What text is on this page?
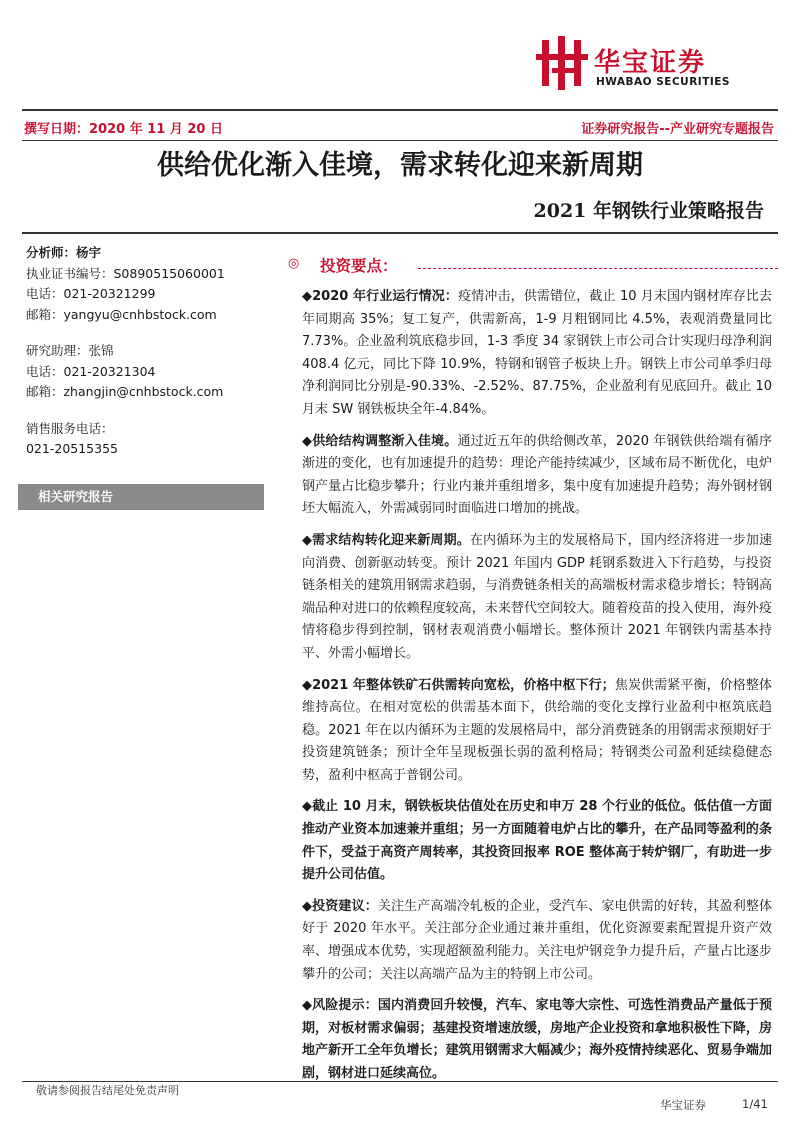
华宝证券
HWABAO SECURITIES
撰写日期：2020 年 11 月 20 日	证券研究报告--产业研究专题报告
供给优化渐入佳境，需求转化迎来新周期
2021 年钢铁行业策略报告
分析师：杨宇
执业证书编号：S0890515060001
电话：021-20321299
邮箱：yangyu@cnhbstock.com
研究助理：张锦
电话：021-20321304
邮箱：zhangjin@cnhbstock.com
销售服务电话：
021-20515355
相关研究报告
◎ 投资要点：

◆2020 年行业运行情况：疫情冲击，供需错位，截止 10 月末国内钢材库存比去年同期高 35%；复工复产，供需新高，1-9 月粗钢同比 4.5%，表观消费量同比 7.73%。企业盈利筑底稳步回，1-3 季度 34 家钢铁上市公司合计实现归母净利润 408.4 亿元，同比下降 10.9%，特钢和钢管子板块上升。钢铁上市公司单季归母净利润同比分别是-90.33%、-2.52%、87.75%，企业盈利有见底回升。截止 10 月末 SW 钢铁板块全年-4.84%。

◆供给结构调整渐入佳境。通过近五年的供给侧改革，2020 年钢铁供给端有循序渐进的变化，也有加速提升的趋势：理论产能持续减少，区域布局不断优化，电炉钢产量占比稳步攀升；行业内兼并重组增多，集中度有加速提升趋势；海外钢材钢坯大幅流入，外需减弱同时面临进口增加的挑战。

◆需求结构转化迎来新周期。在内循环为主的发展格局下，国内经济将进一步加速向消费、创新驱动转变。预计 2021 年国内 GDP 耗钢系数进入下行趋势，与投资链条相关的建筑用钢需求趋弱，与消费链条相关的高端板材需求稳步增长；特钢高端品种对进口的依赖程度较高，未来替代空间较大。随着疫苗的投入使用，海外疫情将稳步得到控制，钢材表观消费小幅增长。整体预计 2021 年钢铁内需基本持平、外需小幅增长。

◆2021 年整体铁矿石供需转向宽松，价格中枢下行；焦炭供需紧平衡，价格整体维持高位。在相对宽松的供需基本面下，供给端的变化支撑行业盈利中枢筑底趋稳。2021 年在以内循环为主题的发展格局中，部分消费链条的用钢需求预期好于投资建筑链条；预计全年呈现板强长弱的盈利格局；特钢类公司盈利延续稳健态势，盈利中枢高于普钢公司。

◆截止 10 月末，钢铁板块估值处在历史和申万 28 个行业的低位。低估值一方面推动产业资本加速兼并重组；另一方面随着电炉占比的攀升，在产品同等盈利的条件下，受益于高资产周转率，其投资回报率 ROE 整体高于转炉钢厂，有助进一步提升公司估值。

◆投资建议：关注生产高端冷轧板的企业，受汽车、家电供需的好转，其盈利整体好于 2020 年水平。关注部分企业通过兼并重组，优化资源要素配置提升资产效率、增强成本优势，实现超额盈利能力。关注电炉钢竞争力提升后，产量占比逐步攀升的公司；关注以高端产品为主的特钢上市公司。

◆风险提示：国内消费回升较慢，汽车、家电等大宗性、可选性消费品产量低于预期，对板材需求偏弱；基建投资增速放缓，房地产企业投资和拿地积极性下降，房地产新开工全年负增长；建筑用钢需求大幅减少；海外疫情持续恶化、贸易争端加剧，钢材进口延续高位。

敬请参阅报告结尾处免责声明
华宝证券	1/41
